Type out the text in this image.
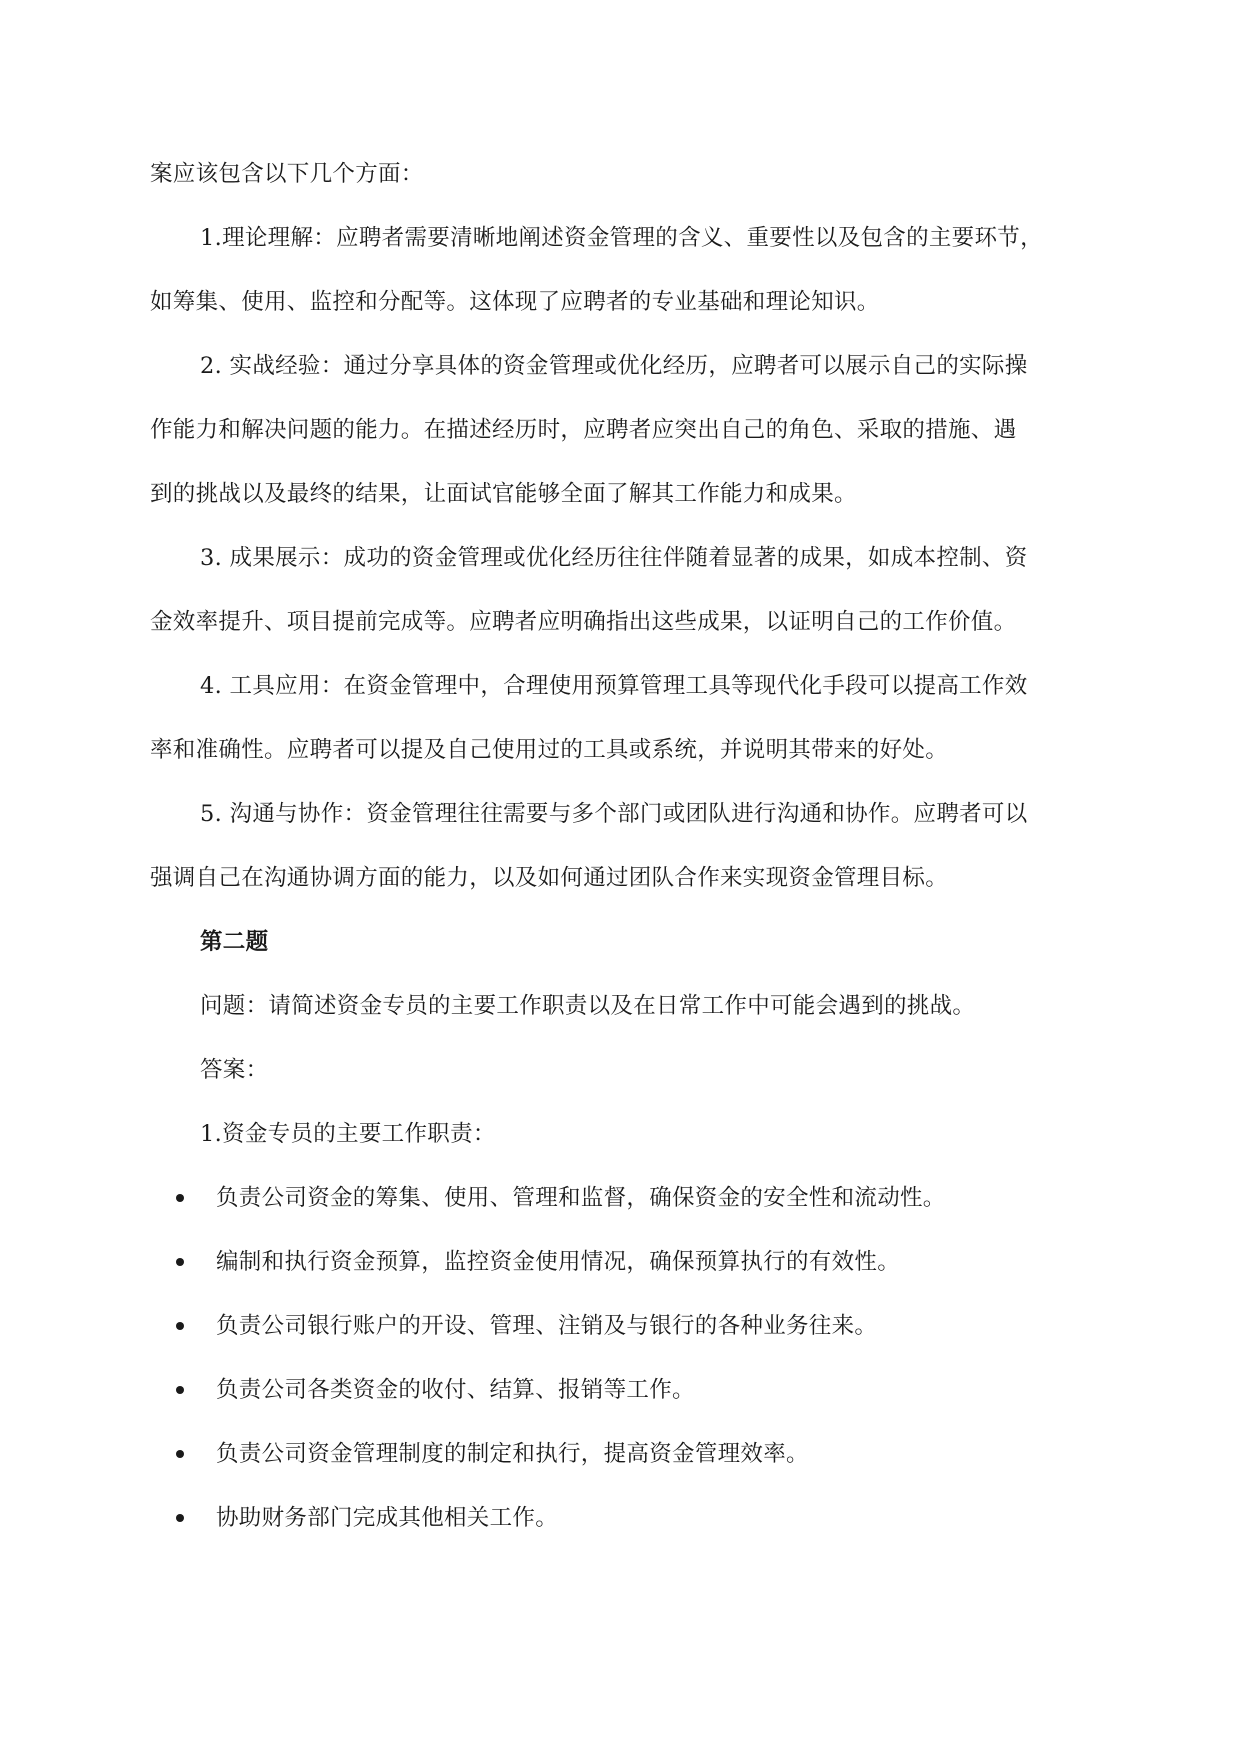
案应该包含以下几个方面：
1.理论理解：应聘者需要清晰地阐述资金管理的含义、重要性以及包含的主要环节，
如筹集、使用、监控和分配等。这体现了应聘者的专业基础和理论知识。
2. 实战经验：通过分享具体的资金管理或优化经历，应聘者可以展示自己的实际操
作能力和解决问题的能力。在描述经历时，应聘者应突出自己的角色、采取的措施、遇
到的挑战以及最终的结果，让面试官能够全面了解其工作能力和成果。
3. 成果展示：成功的资金管理或优化经历往往伴随着显著的成果，如成本控制、资
金效率提升、项目提前完成等。应聘者应明确指出这些成果，以证明自己的工作价值。
4. 工具应用：在资金管理中，合理使用预算管理工具等现代化手段可以提高工作效
率和准确性。应聘者可以提及自己使用过的工具或系统，并说明其带来的好处。
5. 沟通与协作：资金管理往往需要与多个部门或团队进行沟通和协作。应聘者可以
强调自己在沟通协调方面的能力，以及如何通过团队合作来实现资金管理目标。
第二题
问题：请简述资金专员的主要工作职责以及在日常工作中可能会遇到的挑战。
答案：
1.资金专员的主要工作职责：
负责公司资金的筹集、使用、管理和监督，确保资金的安全性和流动性。
编制和执行资金预算，监控资金使用情况，确保预算执行的有效性。
负责公司银行账户的开设、管理、注销及与银行的各种业务往来。
负责公司各类资金的收付、结算、报销等工作。
负责公司资金管理制度的制定和执行，提高资金管理效率。
协助财务部门完成其他相关工作。
